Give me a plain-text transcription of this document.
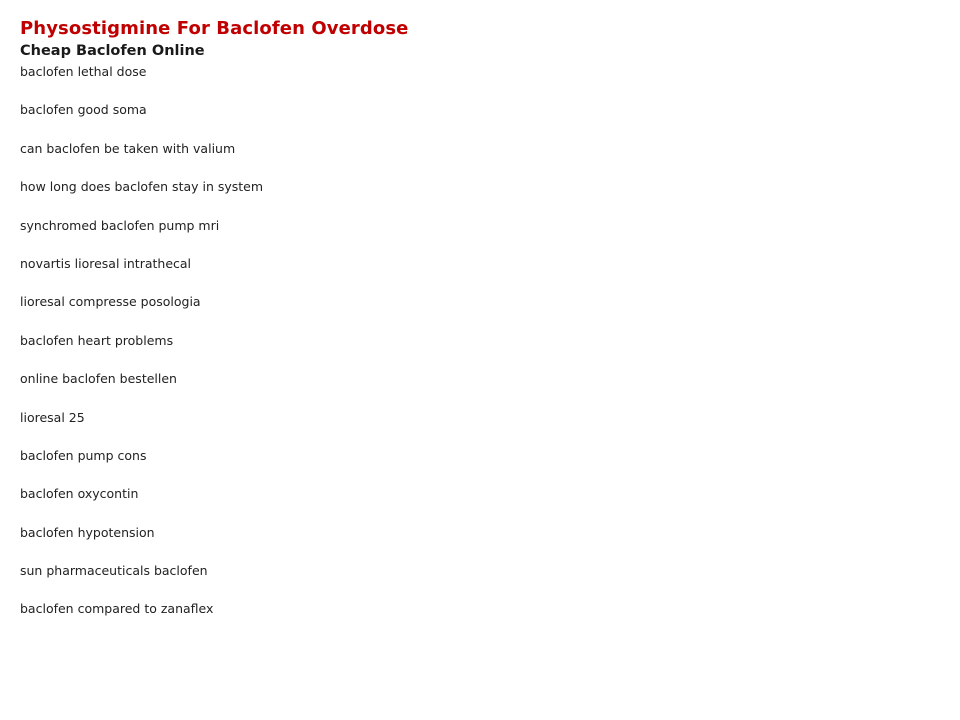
Physostigmine For Baclofen Overdose
Cheap Baclofen Online
baclofen lethal dose
baclofen good soma
can baclofen be taken with valium
how long does baclofen stay in system
synchromed baclofen pump mri
novartis lioresal intrathecal
lioresal compresse posologia
baclofen heart problems
online baclofen bestellen
lioresal 25
baclofen pump cons
baclofen oxycontin
baclofen hypotension
sun pharmaceuticals baclofen
baclofen compared to zanaflex
